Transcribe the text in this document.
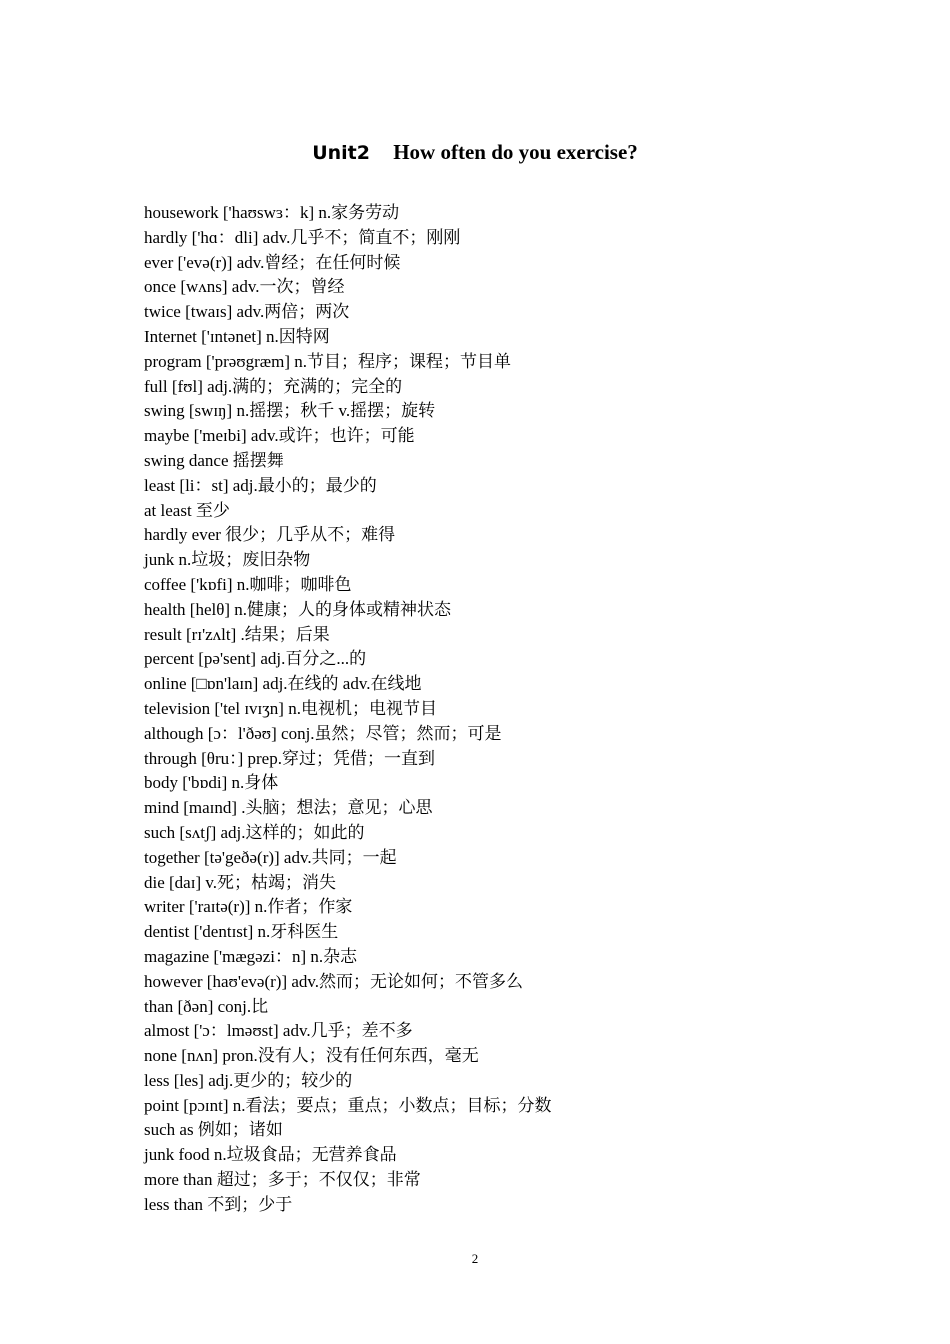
Unit2 How often do you exercise?
housework ['haʊswɜ：k] n.家务劳动
hardly ['hɑ：dli] adv.几乎不；简直不；刚刚
ever ['evə(r)] adv.曾经；在任何时候
once [wʌns] adv.一次；曾经
twice [twaɪs] adv.两倍；两次
Internet ['ɪntənet] n.因特网
program ['prəʊgræm] n.节目；程序；课程；节目单
full [fʊl] adj.满的；充满的；完全的
swing [swɪŋ] n.摇摆；秋千 v.摇摆；旋转
maybe ['meɪbi] adv.或许；也许；可能
swing dance 摇摆舞
least [li：st] adj.最小的；最少的
at least 至少
hardly ever 很少；几乎从不；难得
junk n.垃圾；废旧杂物
coffee ['kɒfi] n.咖啡；咖啡色
health [helθ] n.健康；人的身体或精神状态
result [rɪ'zʌlt] .结果；后果
percent [pə'sent] adj.百分之...的
online [□ɒn'laɪn] adj.在线的 adv.在线地
television ['tel ɪvɪʒn] n.电视机；电视节目
although [ɔ：l'ðəʊ] conj.虽然；尽管；然而；可是
through [θru：] prep.穿过；凭借；一直到
body ['bɒdi] n.身体
mind [maɪnd] .头脑；想法；意见；心思
such [sʌtʃ] adj.这样的；如此的
together [tə'geðə(r)] adv.共同；一起
die [daɪ] v.死；枯竭；消失
writer ['raɪtə(r)] n.作者；作家
dentist ['dentɪst] n.牙科医生
magazine ['mægəzi：n] n.杂志
however [haʊ'evə(r)] adv.然而；无论如何；不管多么
than [ðən] conj.比
almost ['ɔ：lməʊst] adv.几乎；差不多
none [nʌn] pron.没有人；没有任何东西，毫无
less [les] adj.更少的；较少的
point [pɔɪnt] n.看法；要点；重点；小数点；目标；分数
such as 例如；诸如
junk food n.垃圾食品；无营养食品
more than 超过；多于；不仅仅；非常
less than 不到；少于
2
